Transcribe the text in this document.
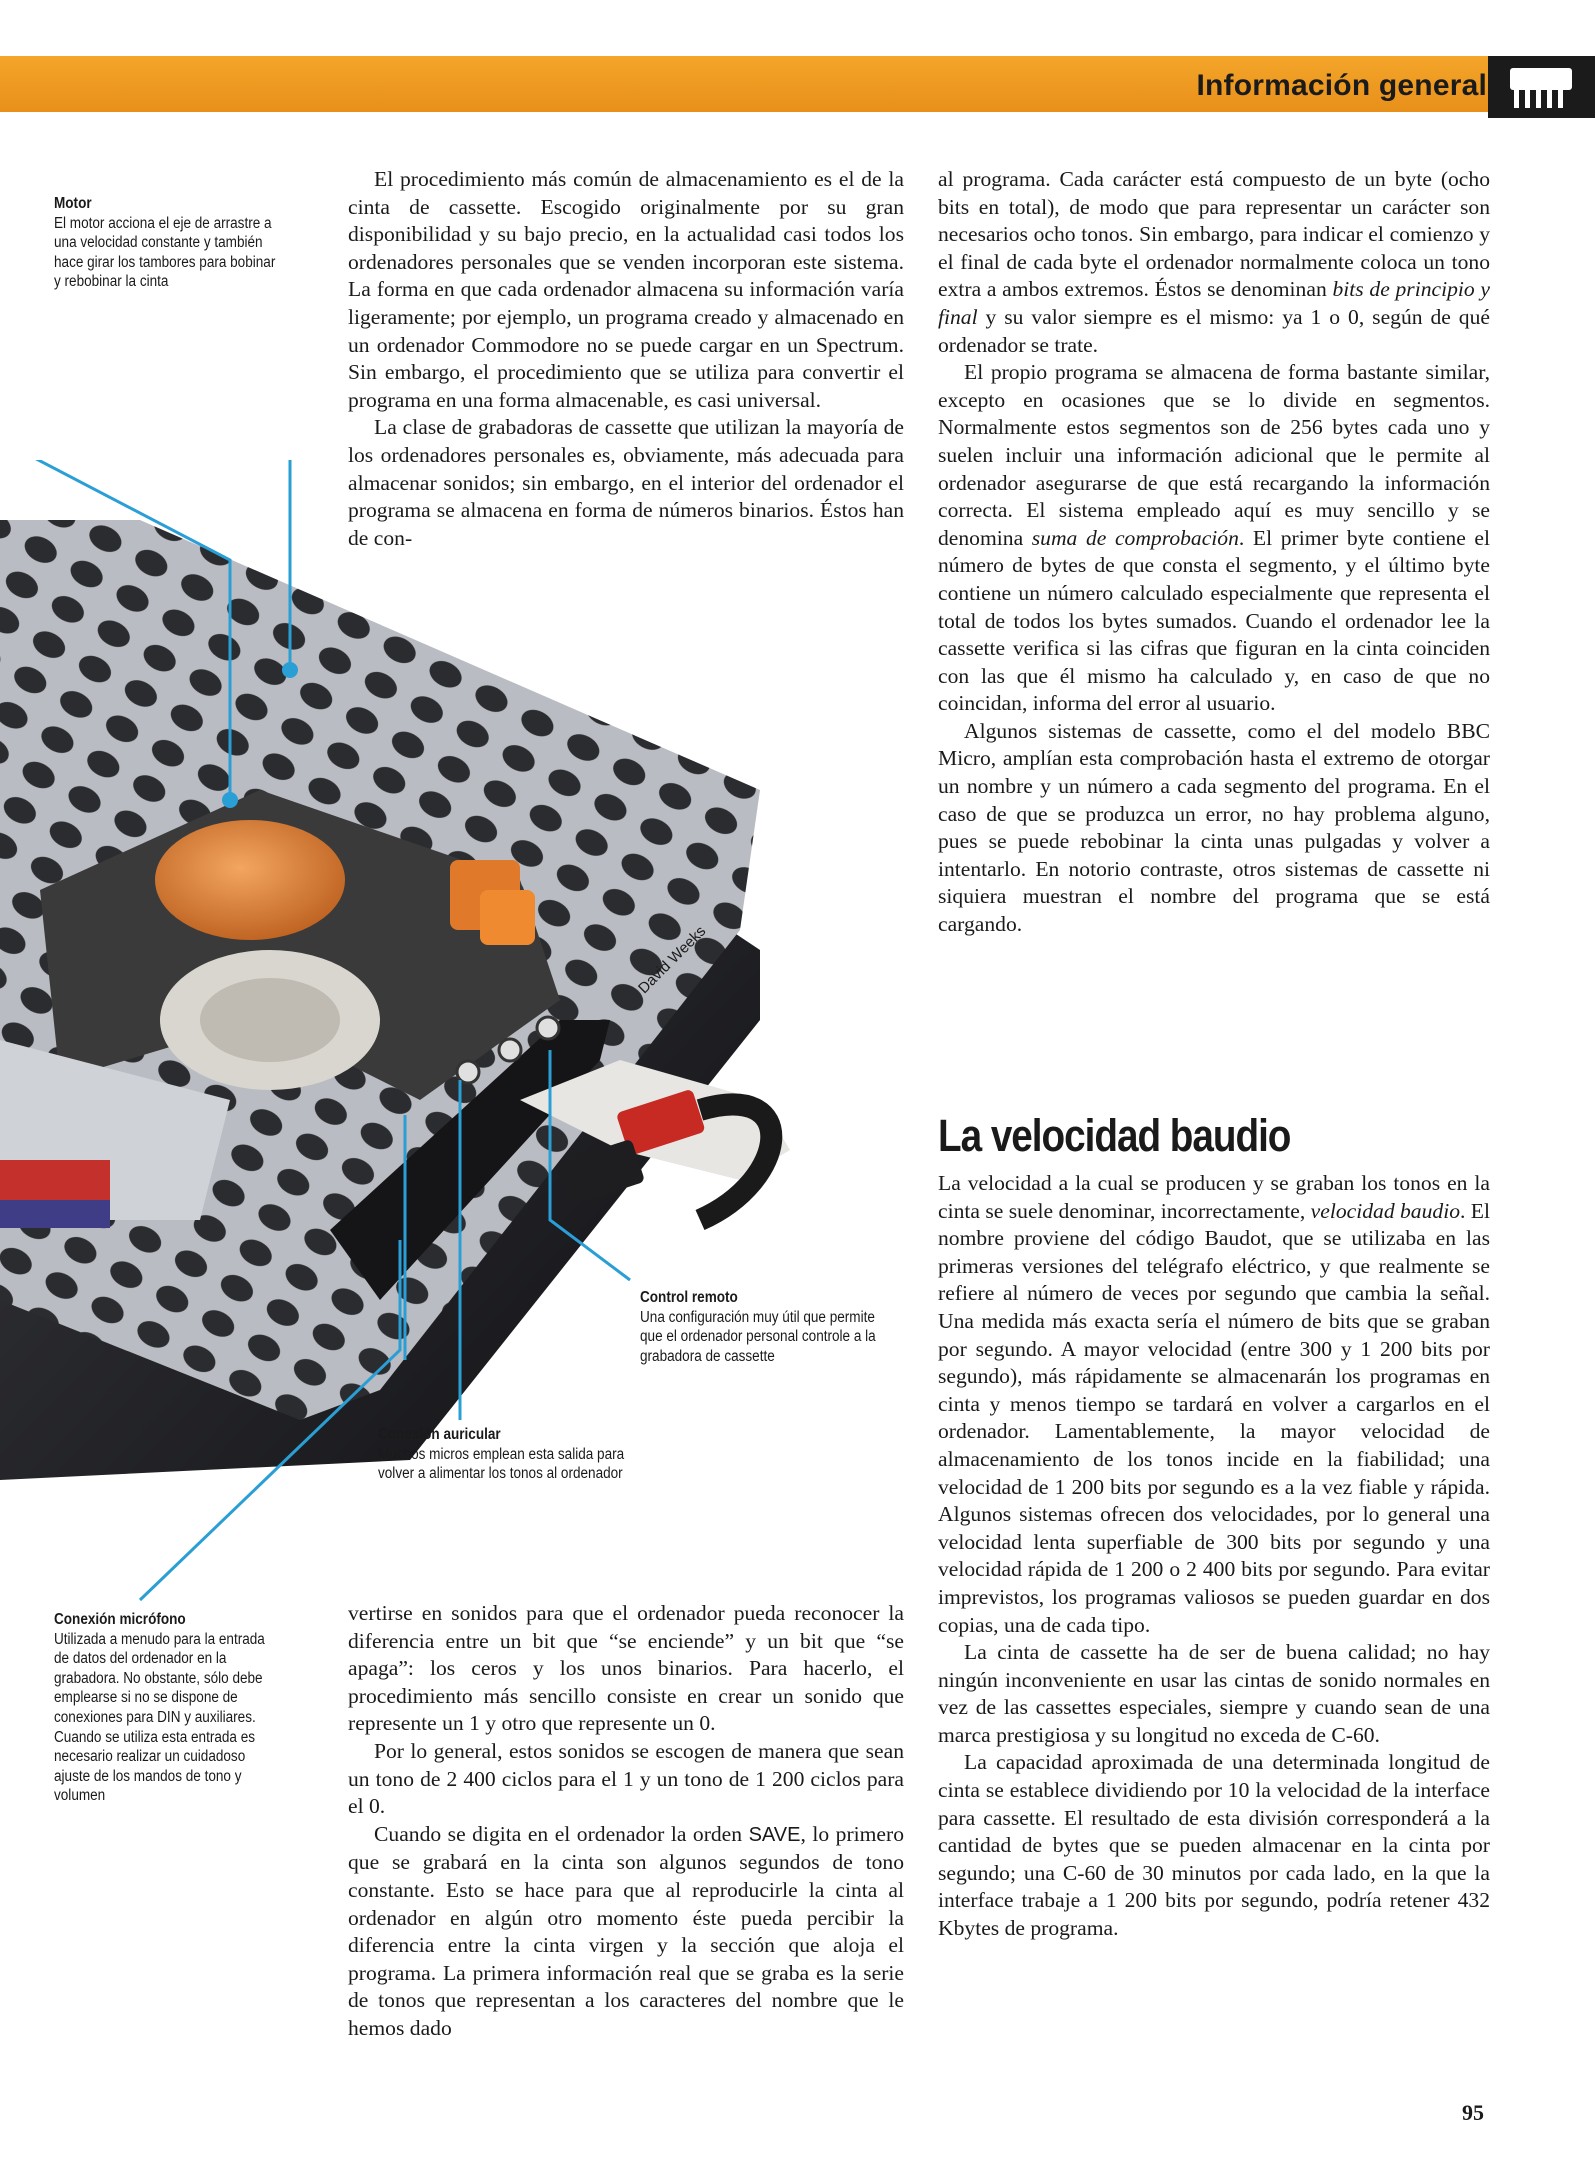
Información general
David Weeks
Motor
El motor acciona el eje de arrastre a una velocidad constante y también hace girar los tambores para bobinar y rebobinar la cinta
Control remoto
Una configuración muy útil que permite que el ordenador personal controle a la grabadora de cassette
Conexión auricular
Muchos micros emplean esta salida para volver a alimentar los tonos al ordenador
Conexión micrófono
Utilizada a menudo para la entrada de datos del ordenador en la grabadora. No obstante, sólo debe emplearse si no se dispone de conexiones para DIN y auxiliares. Cuando se utiliza esta entrada es necesario realizar un cuidadoso ajuste de los mandos de tono y volumen

El procedimiento más común de almacenamiento es el de la cinta de cassette. Escogido originalmente por su gran disponibilidad y su bajo precio, en la actualidad casi todos los ordenadores personales que se venden incorporan este sistema. La forma en que cada ordenador almacena su información varía ligeramente; por ejemplo, un programa creado y almacenado en un ordenador Commodore no se puede cargar en un Spectrum. Sin embargo, el procedimiento que se utiliza para convertir el programa en una forma almacenable, es casi universal.

La clase de grabadoras de cassette que utilizan la mayoría de los ordenadores personales es, obviamente, más adecuada para almacenar sonidos; sin embargo, en el interior del ordenador el programa se almacena en forma de números binarios. Éstos han de con-

vertirse en sonidos para que el ordenador pueda reconocer la diferencia entre un bit que “se enciende” y un bit que “se apaga”: los ceros y los unos binarios. Para hacerlo, el procedimiento más sencillo consiste en crear un sonido que represente un 1 y otro que represente un 0.

Por lo general, estos sonidos se escogen de manera que sean un tono de 2 400 ciclos para el 1 y un tono de 1 200 ciclos para el 0.

Cuando se digita en el ordenador la orden SAVE, lo primero que se grabará en la cinta son algunos segundos de tono constante. Esto se hace para que al reproducirle la cinta al ordenador en algún otro momento éste pueda percibir la diferencia entre la cinta virgen y la sección que aloja el programa. La primera información real que se graba es la serie de tonos que representan a los caracteres del nombre que le hemos dado

al programa. Cada carácter está compuesto de un byte (ocho bits en total), de modo que para representar un carácter son necesarios ocho tonos. Sin embargo, para indicar el comienzo y el final de cada byte el ordenador normalmente coloca un tono extra a ambos extremos. Éstos se denominan bits de principio y final y su valor siempre es el mismo: ya 1 o 0, según de qué ordenador se trate.

El propio programa se almacena de forma bastante similar, excepto en ocasiones que se lo divide en segmentos. Normalmente estos segmentos son de 256 bytes cada uno y suelen incluir una información adicional que le permite al ordenador asegurarse de que está recargando la información correcta. El sistema empleado aquí es muy sencillo y se denomina suma de comprobación. El primer byte contiene el número de bytes de que consta el segmento, y el último byte contiene un número calculado especialmente que representa el total de todos los bytes sumados. Cuando el ordenador lee la cassette verifica si las cifras que figuran en la cinta coinciden con las que él mismo ha calculado y, en caso de que no coincidan, informa del error al usuario.

Algunos sistemas de cassette, como el del modelo BBC Micro, amplían esta comprobación hasta el extremo de otorgar un nombre y un número a cada segmento del programa. En el caso de que se produzca un error, no hay problema alguno, pues se puede rebobinar la cinta unas pulgadas y volver a intentarlo. En notorio contraste, otros sistemas de cassette ni siquiera muestran el nombre del programa que se está cargando.

La velocidad baudio

La velocidad a la cual se producen y se graban los tonos en la cinta se suele denominar, incorrectamente, velocidad baudio. El nombre proviene del código Baudot, que se utilizaba en las primeras versiones del telégrafo eléctrico, y que realmente se refiere al número de veces por segundo que cambia la señal. Una medida más exacta sería el número de bits que se graban por segundo. A mayor velocidad (entre 300 y 1 200 bits por segundo), más rápidamente se almacenarán los programas en cinta y menos tiempo se tardará en volver a cargarlos en el ordenador. Lamentablemente, la mayor velocidad de almacenamiento de los tonos incide en la fiabilidad; una velocidad de 1 200 bits por segundo es a la vez fiable y rápida. Algunos sistemas ofrecen dos velocidades, por lo general una velocidad lenta superfiable de 300 bits por segundo y una velocidad rápida de 1 200 o 2 400 bits por segundo. Para evitar imprevistos, los programas valiosos se pueden guardar en dos copias, una de cada tipo.

La cinta de cassette ha de ser de buena calidad; no hay ningún inconveniente en usar las cintas de sonido normales en vez de las cassettes especiales, siempre y cuando sean de una marca prestigiosa y su longitud no exceda de C-60.

La capacidad aproximada de una determinada longitud de cinta se establece dividiendo por 10 la velocidad de la interface para cassette. El resultado de esta división corresponderá a la cantidad de bytes que se pueden almacenar en la cinta por segundo; una C-60 de 30 minutos por cada lado, en la que la interface trabaje a 1 200 bits por segundo, podría retener 432 Kbytes de programa.

95
